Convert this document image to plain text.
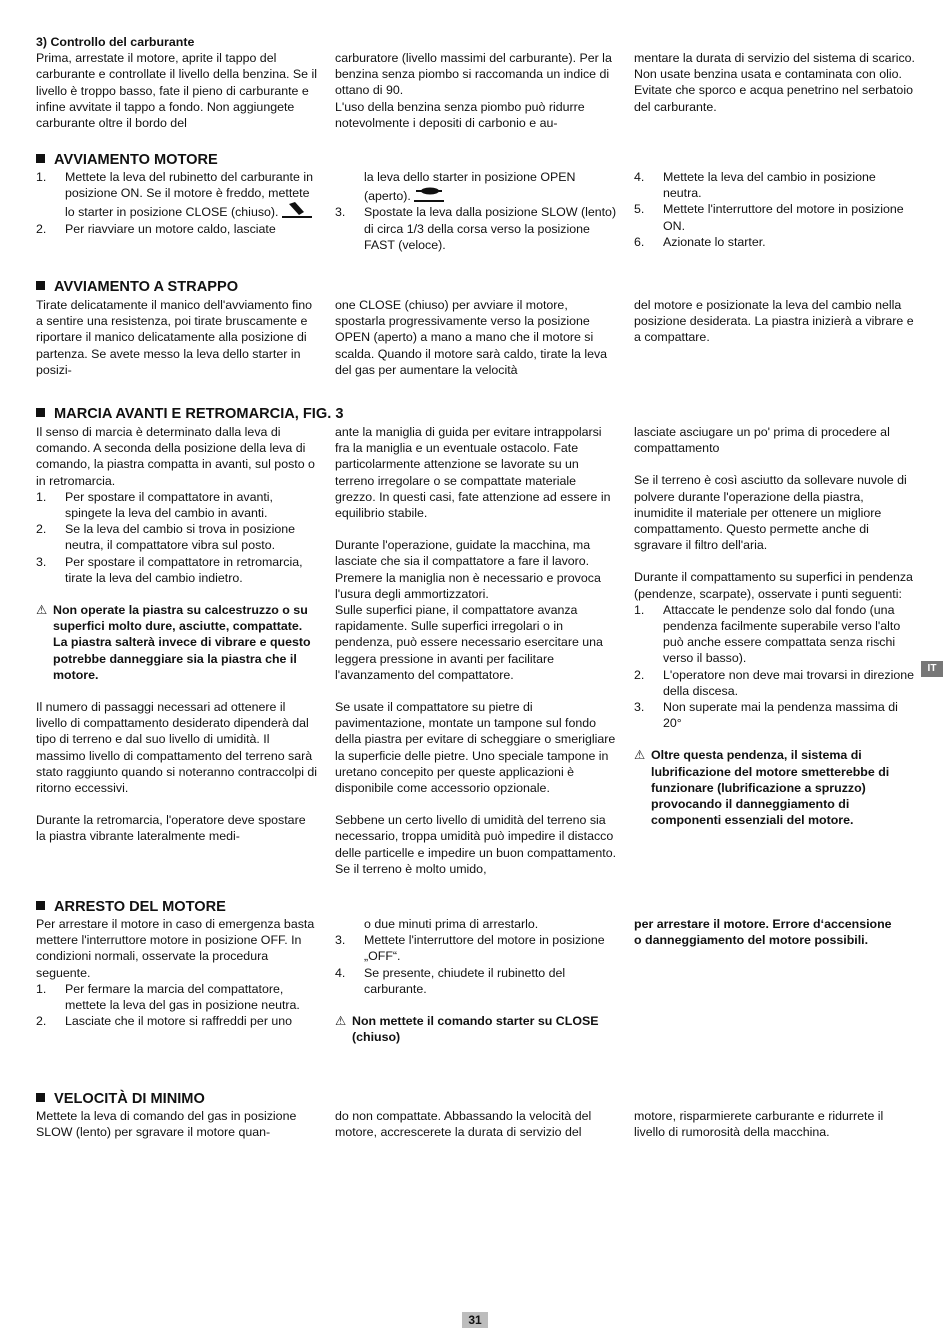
3) Controllo del carburante

Prima, arrestate il motore, aprite il tappo del carburante e controllate il livello della benzina. Se il livello è troppo basso, fate il pieno di carburante e infine avvitate il tappo a fondo. Non aggiungete carburante oltre il bordo del

carburatore (livello massimi del carburante). Per la benzina senza piombo si raccomanda un indice di ottano di 90.

L'uso della benzina senza piombo può ridurre notevolmente i depositi di carbonio e au-

mentare la durata di servizio del sistema di scarico.

Non usate benzina usata e contaminata con olio. Evitate che sporco e acqua penetrino nel serbatoio del carburante.

AVVIAMENTO MOTORE
1. Mettete la leva del rubinetto del carburante in posizione ON. Se il motore è freddo, mettete lo starter in posizione CLOSE (chiuso).
2. Per riavviare un motore caldo, lasciate
la leva dello starter in posizione OPEN (aperto).
3. Spostate la leva dalla posizione SLOW (lento) di circa 1/3 della corsa verso la posizione FAST (veloce).
4. Mettete la leva del cambio in posizione neutra.
5. Mettete l'interruttore del motore in posizione ON.
6. Azionate lo starter.
AVVIAMENTO A STRAPPO

Tirate delicatamente il manico dell'avviamento fino a sentire una resistenza, poi tirate bruscamente e riportare il manico delicatamente alla posizione di partenza. Se avete messo la leva dello starter in posizi-

one CLOSE (chiuso) per avviare il motore, spostarla progressivamente verso la posizione OPEN (aperto) a mano a mano che il motore si scalda. Quando il motore sarà caldo, tirate la leva del gas per aumentare la velocità

del motore e posizionate la leva del cambio nella posizione desiderata. La piastra inizierà a vibrare e a compattare.

MARCIA AVANTI E RETROMARCIA, FIG. 3

Il senso di marcia è determinato dalla leva di comando. A seconda della posizione della leva di comando, la piastra compatta in avanti, sul posto o in retromarcia.

1. Per spostare il compattatore in avanti, spingete la leva del cambio in avanti.
2. Se la leva del cambio si trova in posizione neutra, il compattatore vibra sul posto.
3. Per spostare il compattatore in retromarcia, tirate la leva del cambio indietro.
⚠ Non operate la piastra su calcestruzzo o su superfici molto dure, asciutte, compattate. La piastra salterà invece di vibrare e questo potrebbe danneggiare sia la piastra che il motore.

Il numero di passaggi necessari ad ottenere il livello di compattamento desiderato dipenderà dal tipo di terreno e dal suo livello di umidità. Il massimo livello di compattamento del terreno sarà stato raggiunto quando si noteranno contraccolpi di ritorno eccessivi.

Durante la retromarcia, l'operatore deve spostare la piastra vibrante lateralmente medi-

ante la maniglia di guida per evitare intrappolarsi fra la maniglia e un eventuale ostacolo. Fate particolarmente attenzione se lavorate su un terreno irregolare o se compattate materiale grezzo. In questi casi, fate attenzione ad essere in equilibrio stabile.

Durante l'operazione, guidate la macchina, ma lasciate che sia il compattatore a fare il lavoro. Premere la maniglia non è necessario e provoca l'usura degli ammortizzatori.

Sulle superfici piane, il compattatore avanza rapidamente. Sulle superfici irregolari o in pendenza, può essere necessario esercitare una leggera pressione in avanti per facilitare l'avanzamento del compattatore.

Se usate il compattatore su pietre di pavimentazione, montate un tampone sul fondo della piastra per evitare di scheggiare o smerigliare la superficie delle pietre. Uno speciale tampone in uretano concepito per queste applicazioni è disponibile come accessorio opzionale.

Sebbene un certo livello di umidità del terreno sia necessario, troppa umidità può impedire il distacco delle particelle e impedire un buon compattamento. Se il terreno è molto umido,

lasciate asciugare un po' prima di procedere al compattamento

Se il terreno è così asciutto da sollevare nuvole di polvere durante l'operazione della piastra, inumidite il materiale per ottenere un migliore compattamento. Questo permette anche di sgravare il filtro dell'aria.

Durante il compattamento su superfici in pendenza (pendenze, scarpate), osservate i punti seguenti:

1. Attaccate le pendenze solo dal fondo (una pendenza facilmente superabile verso l'alto può anche essere compattata senza rischi verso il basso).
2. L'operatore non deve mai trovarsi in direzione della discesa.
3. Non superate mai la pendenza massima di 20°
⚠ Oltre questa pendenza, il sistema di lubrificazione del motore smetterebbe di funzionare (lubrificazione a spruzzo) provocando il danneggiamento di componenti essenziali del motore.
ARRESTO DEL MOTORE

Per arrestare il motore in caso di emergenza basta mettere l'interruttore motore in posizione OFF. In condizioni normali, osservate la procedura seguente.

1. Per fermare la marcia del compattatore, mettete la leva del gas in posizione neutra.
2. Lasciate che il motore si raffreddi per uno
o due minuti prima di arrestarlo.
3. Mettete l'interruttore del motore in posizione „OFF“.
4. Se presente, chiudete il rubinetto del carburante.
⚠ Non mettete il comando starter su CLOSE (chiuso)

per arrestare il motore. Errore d‘accensione

o danneggiamento del motore possibili.

VELOCITÀ DI MINIMO

Mettete la leva di comando del gas in posizione SLOW (lento) per sgravare il motore quan-

do non compattate. Abbassando la velocità del motore, accrescerete la durata di servizio del

motore, risparmierete carburante e ridurrete il livello di rumorosità della macchina.

IT
31
